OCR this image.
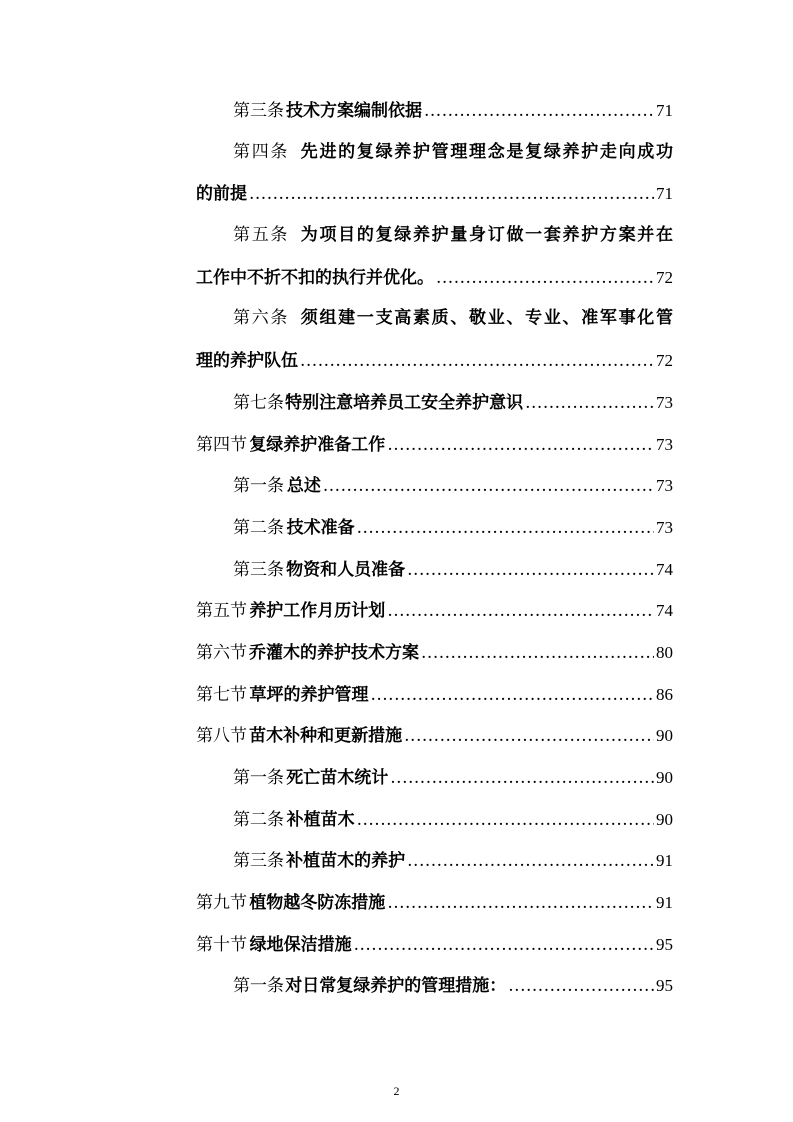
第三条 技术方案编制依据 .....	71
第四条 先进的复绿养护管理理念是复绿养护走向成功
的前提 .....	71
第五条 为项目的复绿养护量身订做一套养护方案并在
工作中不折不扣的执行并优化。 .....	72
第六条 须组建一支高素质、敬业、专业、准军事化管
理的养护队伍 .....	72
第七条 特别注意培养员工安全养护意识 .....	73
第四节 复绿养护准备工作 .....	73
第一条 总述 .....	73
第二条 技术准备 .....	73
第三条 物资和人员准备 .....	74
第五节 养护工作月历计划 .....	74
第六节 乔灌木的养护技术方案 .....	80
第七节 草坪的养护管理 .....	86
第八节 苗木补种和更新措施 .....	90
第一条 死亡苗木统计 .....	90
第二条 补植苗木 .....	90
第三条 补植苗木的养护 .....	91
第九节 植物越冬防冻措施 .....	91
第十节 绿地保洁措施 .....	95
第一条 对日常复绿养护的管理措施： .....	95
2
